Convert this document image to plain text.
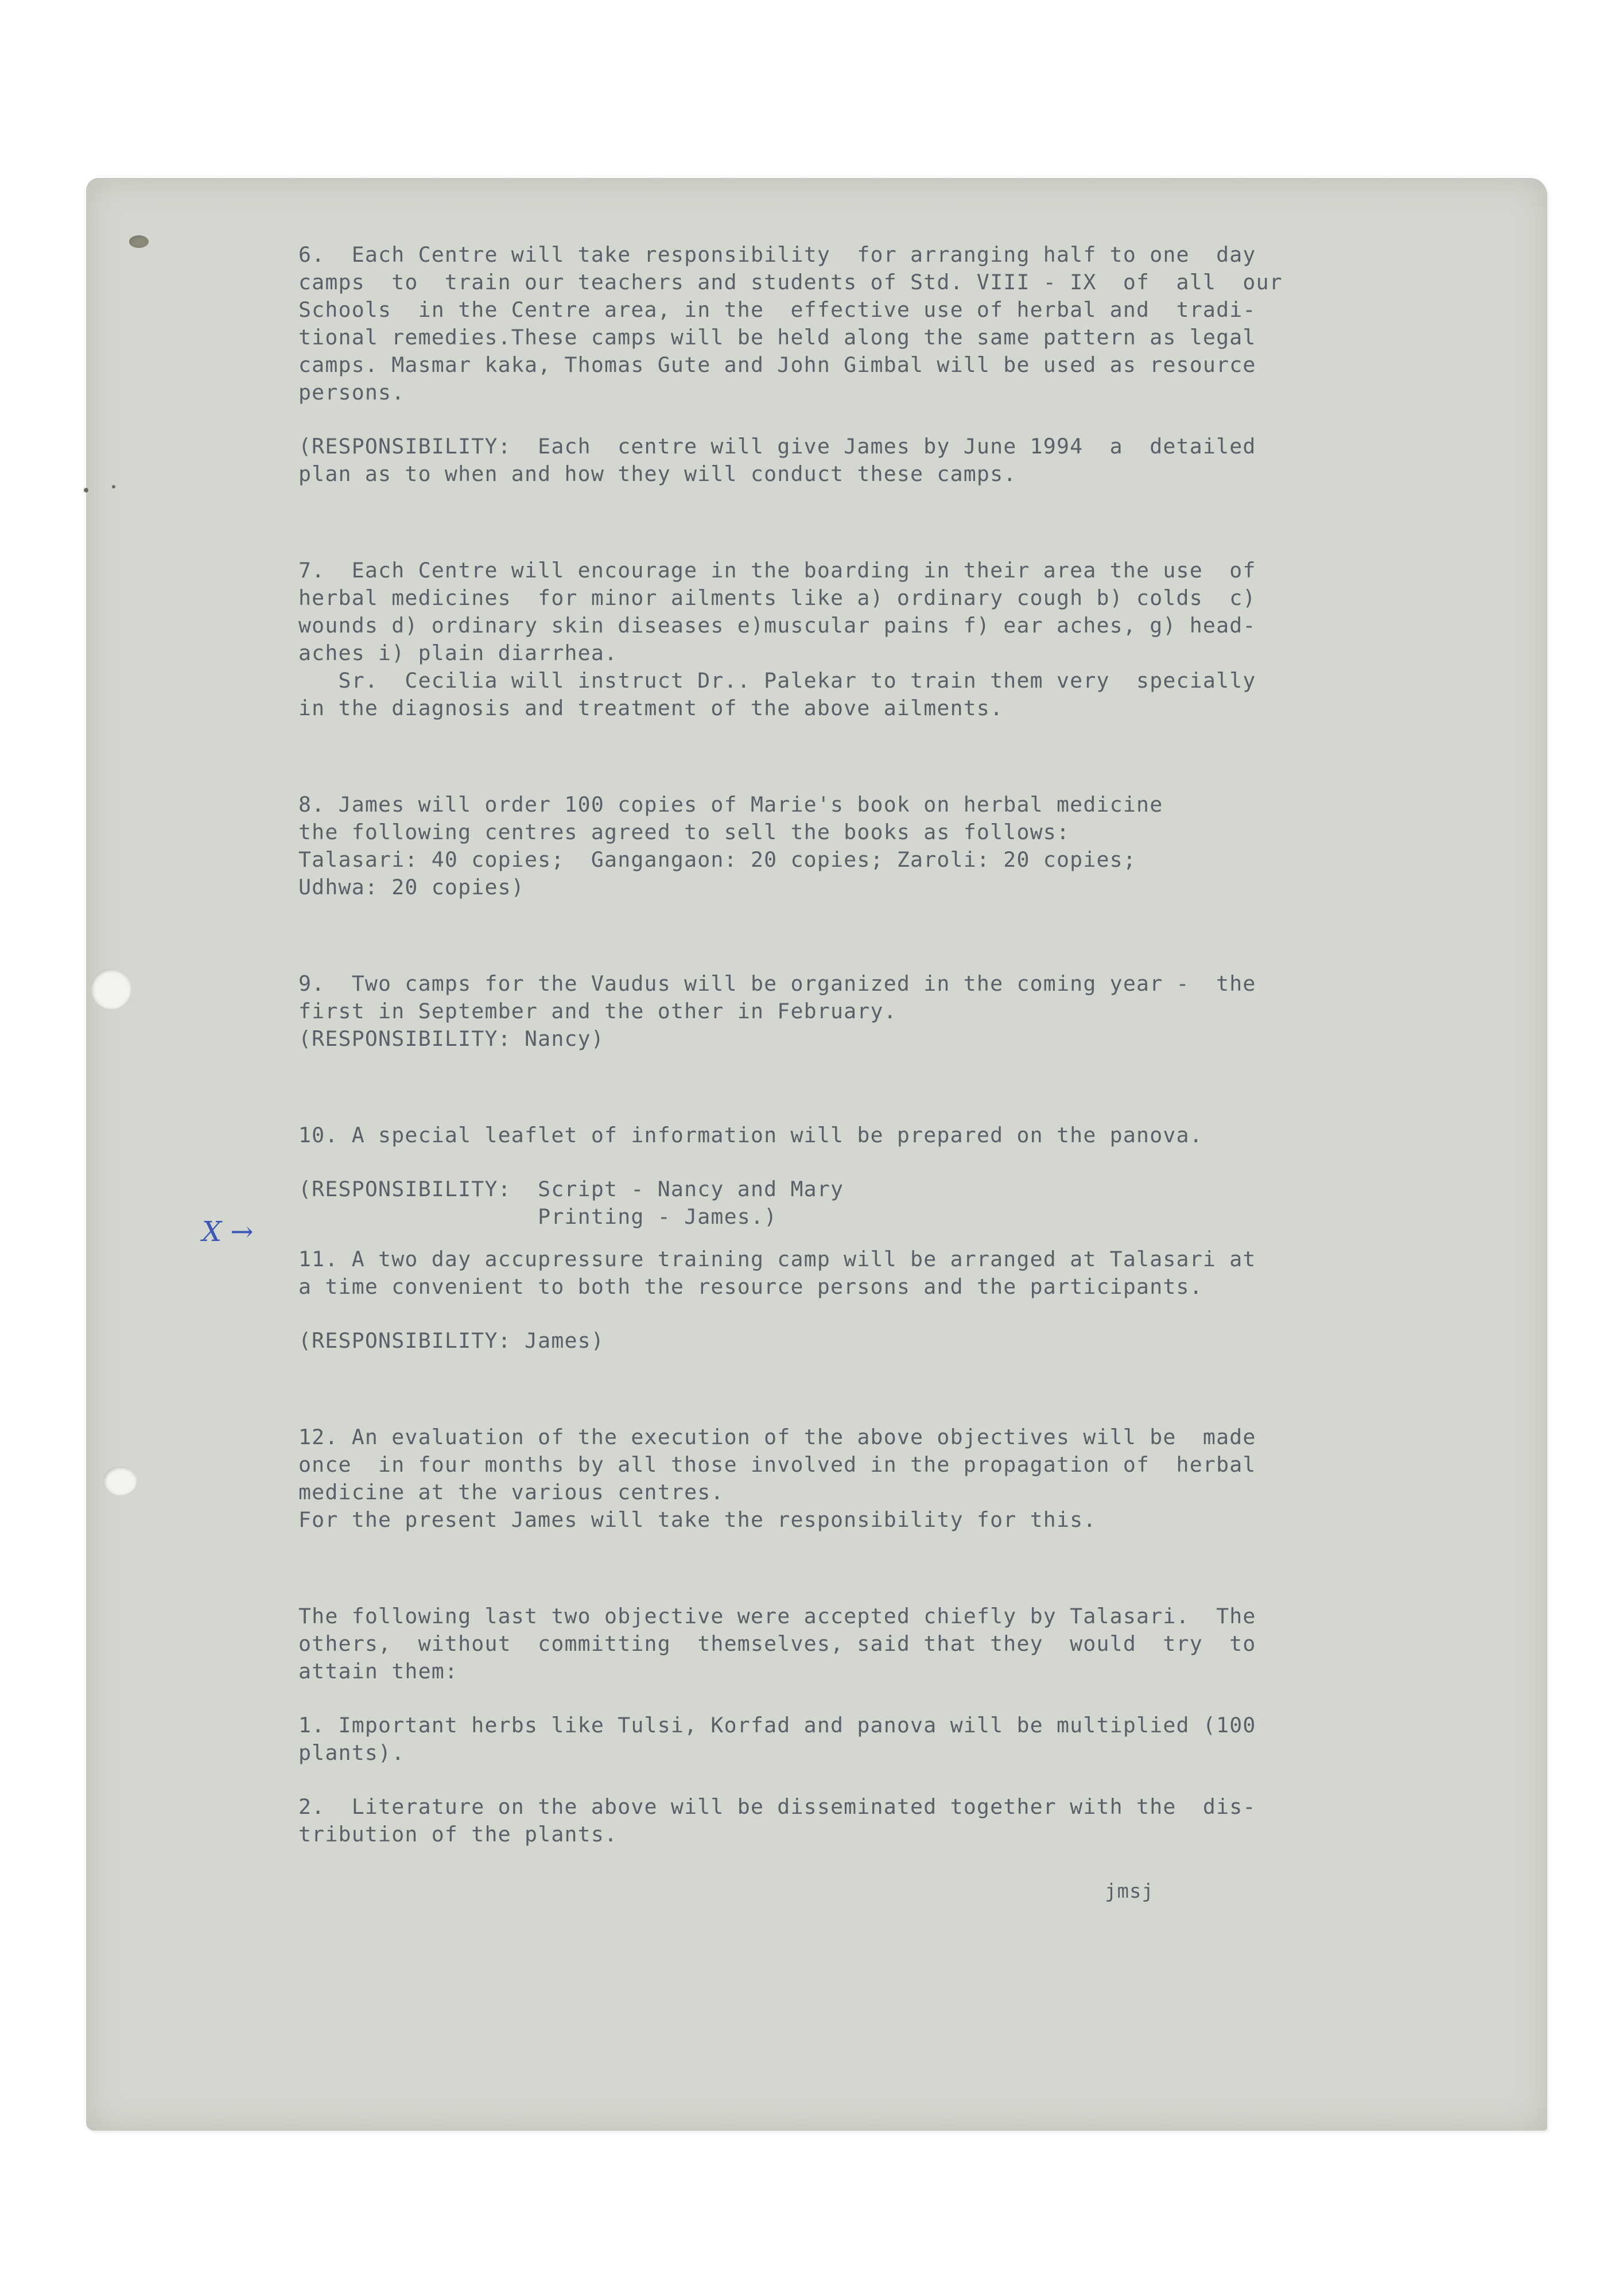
6.  Each Centre will take responsibility  for arranging half to one  day

camps  to  train our teachers and students of Std. VIII - IX  of  all  our

Schools  in the Centre area, in the  effective use of herbal and  tradi-

tional remedies.These camps will be held along the same pattern as legal

camps. Masmar kaka, Thomas Gute and John Gimbal will be used as resource

persons.

(RESPONSIBILITY:  Each  centre will give James by June 1994  a  detailed

plan as to when and how they will conduct these camps.

7.  Each Centre will encourage in the boarding in their area the use  of

herbal medicines  for minor ailments like a) ordinary cough b) colds  c)

wounds d) ordinary skin diseases e)muscular pains f) ear aches, g) head-

aches i) plain diarrhea.

Sr.  Cecilia will instruct Dr.. Palekar to train them very  specially

in the diagnosis and treatment of the above ailments.

8. James will order 100 copies of Marie's book on herbal medicine

the following centres agreed to sell the books as follows:

Talasari: 40 copies;  Gangangaon: 20 copies; Zaroli: 20 copies;

Udhwa: 20 copies)

9.  Two camps for the Vaudus will be organized in the coming year -  the

first in September and the other in February.

(RESPONSIBILITY: Nancy)

10. A special leaflet of information will be prepared on the panova.

(RESPONSIBILITY:  Script - Nancy and Mary

Printing - James.)

11. A two day accupressure training camp will be arranged at Talasari at

a time convenient to both the resource persons and the participants.

(RESPONSIBILITY: James)

12. An evaluation of the execution of the above objectives will be  made

once  in four months by all those involved in the propagation of  herbal

medicine at the various centres.

For the present James will take the responsibility for this.

The following last two objective were accepted chiefly by Talasari.  The

others,  without  committing  themselves, said that they  would  try  to

attain them:

1. Important herbs like Tulsi, Korfad and panova will be multiplied (100

plants).

2.  Literature on the above will be disseminated together with the  dis-

tribution of the plants.

X →
jmsj
